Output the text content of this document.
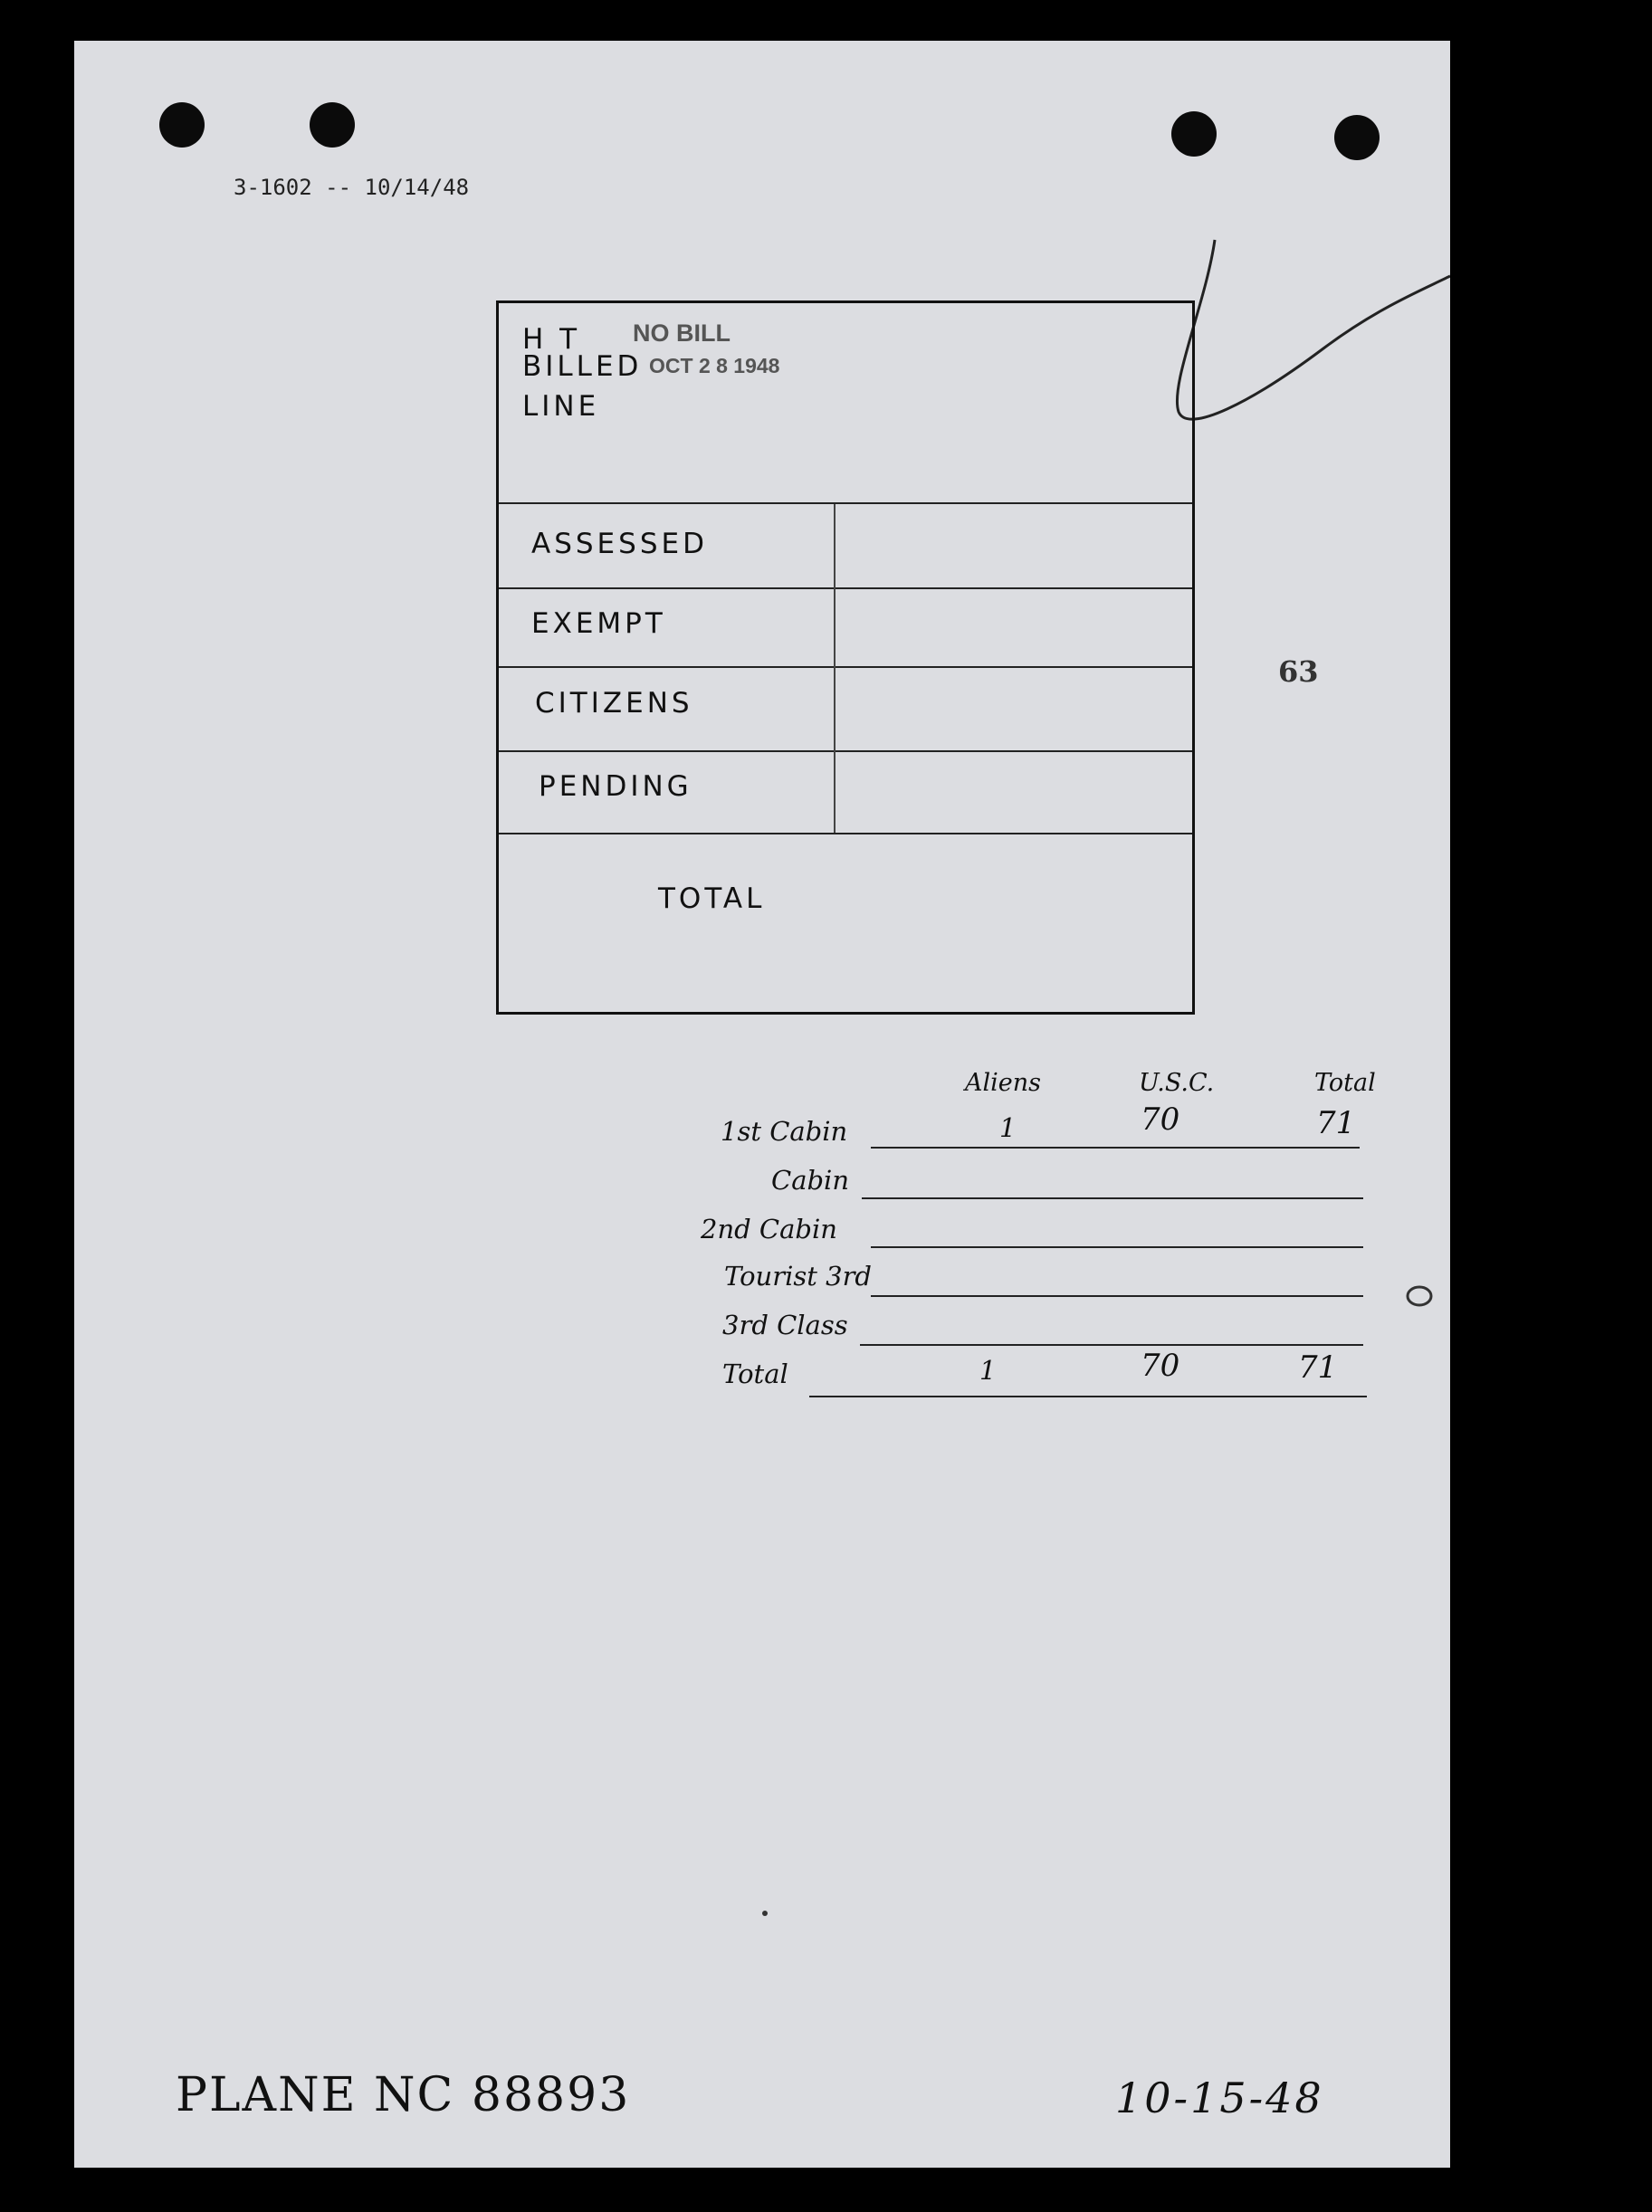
3-1602 -- 10/14/48
H T
BILLED
LINE
NO BILL
OCT 2 8 1948
ASSESSED
EXEMPT
CITIZENS
PENDING
TOTAL
63
Aliens	U.S.C.	Total
1st Cabin	1	70	71
Cabin
2nd Cabin
Tourist 3rd
3rd Class
Total	1	70	71
PLANE NC 88893	10-15-48
